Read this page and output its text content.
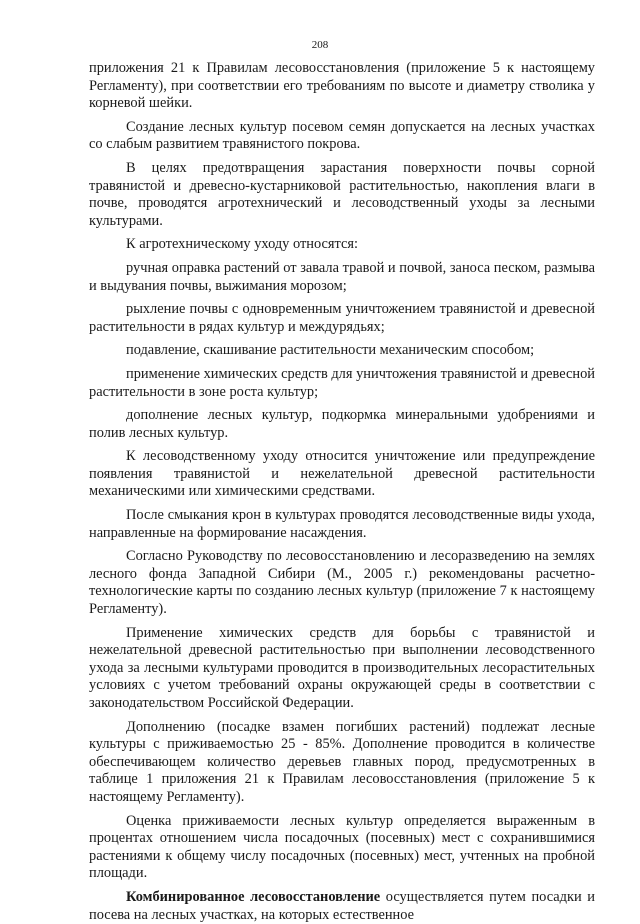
208

приложения 21 к Правилам лесовосстановления (приложение 5 к настоящему Регламенту), при соответствии его требованиям по высоте и диаметру стволика у корневой шейки.

Создание лесных культур посевом семян допускается на лесных участках со слабым развитием травянистого покрова.

В целях предотвращения зарастания поверхности почвы сорной травянистой и древесно-кустарниковой растительностью, накопления влаги в почве, проводятся агротехнический и лесоводственный уходы за лесными культурами.

К агротехническому уходу относятся:

ручная оправка растений от завала травой и почвой, заноса песком, размыва и выдувания почвы, выжимания морозом;

рыхление почвы с одновременным уничтожением травянистой и древесной растительности в рядах культур и междурядьях;

подавление, скашивание растительности механическим способом;

применение химических средств для уничтожения травянистой и древесной растительности в зоне роста культур;

дополнение лесных культур, подкормка минеральными удобрениями и полив лесных культур.

К лесоводственному уходу относится уничтожение или предупреждение появления травянистой и нежелательной древесной растительности механическими или химическими средствами.

После смыкания крон в культурах проводятся лесоводственные виды ухода, направленные на формирование насаждения.

Согласно Руководству по лесовосстановлению и лесоразведению на землях лесного фонда Западной Сибири (М., 2005 г.) рекомендованы расчетно-технологические карты по созданию лесных культур (приложение 7 к настоящему Регламенту).

Применение химических средств для борьбы с травянистой и нежелательной древесной растительностью при выполнении лесоводственного ухода за лесными культурами проводится в производительных лесорастительных условиях с учетом требований охраны окружающей среды в соответствии с законодательством Российской Федерации.

Дополнению (посадке взамен погибших растений) подлежат лесные культуры с приживаемостью 25 - 85%. Дополнение проводится в количестве обеспечивающем количество деревьев главных пород, предусмотренных в таблице 1 приложения 21 к Правилам лесовосстановления (приложение 5 к настоящему Регламенту).

Оценка приживаемости лесных культур определяется выраженным в процентах отношением числа посадочных (посевных) мест с сохранившимися растениями к общему числу посадочных (посевных) мест, учтенных на пробной площади.

Комбинированное лесовосстановление осуществляется путем посадки и посева на лесных участках, на которых естественное
